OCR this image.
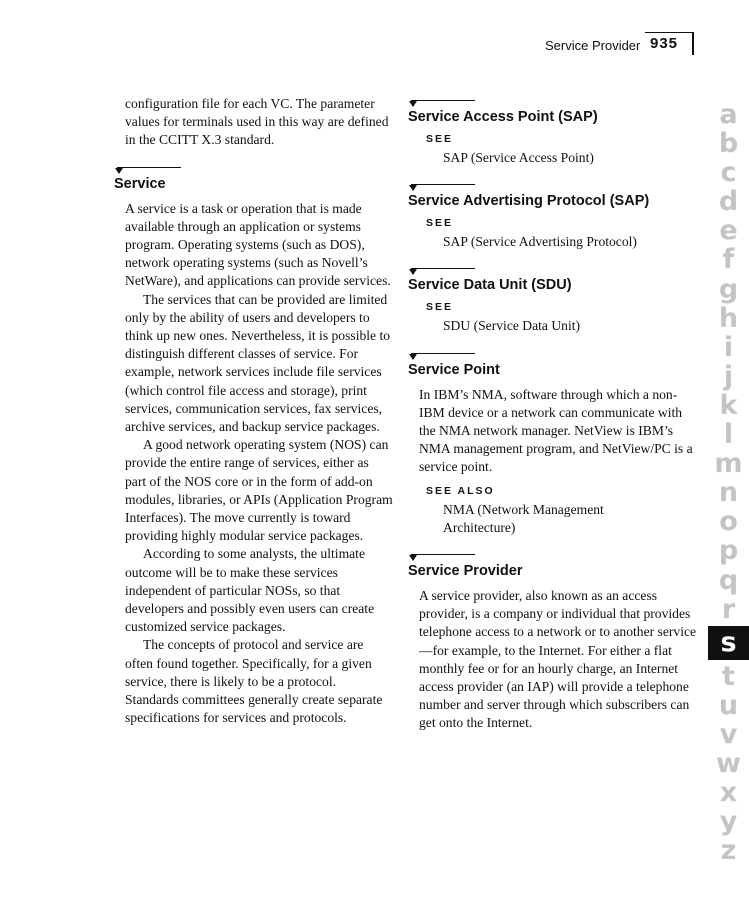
Service Provider 935

configuration file for each VC. The parameter values for terminals used in this way are defined in the CCITT X.3 standard.

Service

A service is a task or operation that is made available through an application or systems program. Operating systems (such as DOS), network operating systems (such as Novell’s NetWare), and applications can provide services.

The services that can be provided are limited only by the ability of users and developers to think up new ones. Nevertheless, it is possible to distinguish different classes of service. For example, network services include file services (which control file access and storage), print services, communication services, fax services, archive services, and backup service packages.

A good network operating system (NOS) can provide the entire range of services, either as part of the NOS core or in the form of add-on modules, libraries, or APIs (Application Program Interfaces). The move currently is toward providing highly modular service packages.

According to some analysts, the ultimate outcome will be to make these services independent of particular NOSs, so that developers and possibly even users can create customized service packages.

The concepts of protocol and service are often found together. Specifically, for a given service, there is likely to be a protocol. Standards committees generally create separate specifications for services and protocols.

Service Access Point (SAP)
SEE
SAP (Service Access Point)
Service Advertising Protocol (SAP)
SEE
SAP (Service Advertising Protocol)
Service Data Unit (SDU)
SEE
SDU (Service Data Unit)
Service Point

In IBM’s NMA, software through which a non-IBM device or a network can communicate with the NMA network manager. NetView is IBM’s NMA management program, and NetView/PC is a service point.

SEE ALSO
NMA (Network Management Architecture)
Service Provider

A service provider, also known as an access provider, is a company or individual that provides telephone access to a network or to another service—for example, to the Internet. For either a flat monthly fee or for an hourly charge, an Internet access provider (an IAP) will provide a telephone number and server through which subscribers can get onto the Internet.

a
b
c
d
e
f
g
h
i
j
k
l
m
n
o
p
q
r
s
t
u
v
w
x
y
z
